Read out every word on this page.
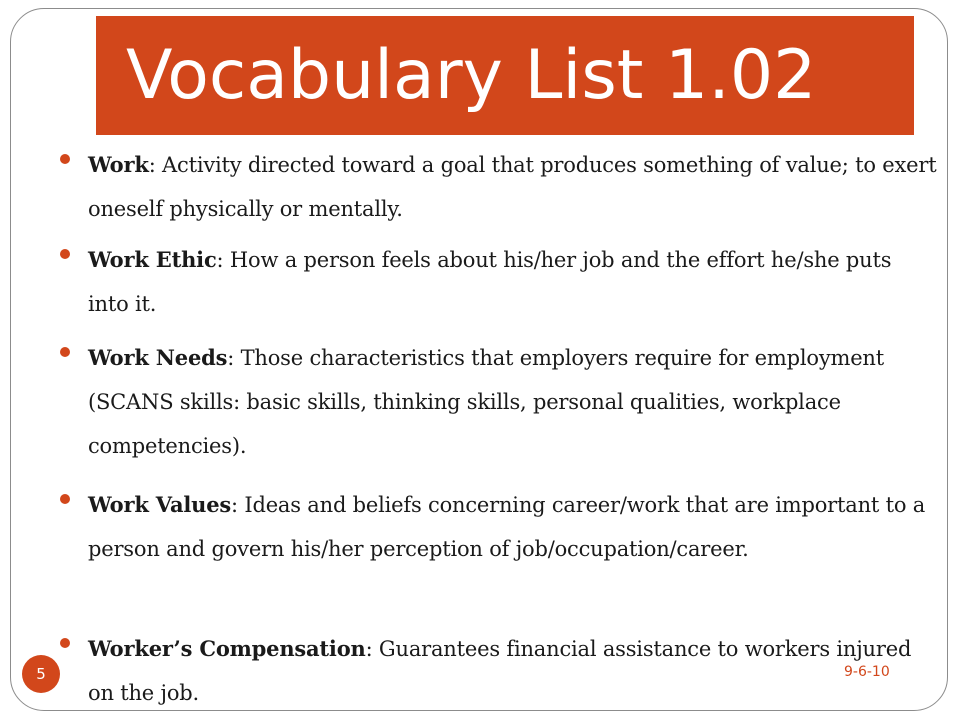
Vocabulary List 1.02

Work: Activity directed toward a goal that produces something of value; to exert oneself physically or mentally.

Work Ethic: How a person feels about his/her job and the effort he/she puts into it.

Work Needs: Those characteristics that employers require for employment (SCANS skills: basic skills, thinking skills, personal qualities, workplace competencies).

Work Values: Ideas and beliefs concerning career/work that are important to a person and govern his/her perception of job/occupation/career.

Worker’s Compensation: Guarantees financial assistance to workers injured on the job.

5	9-6-10
